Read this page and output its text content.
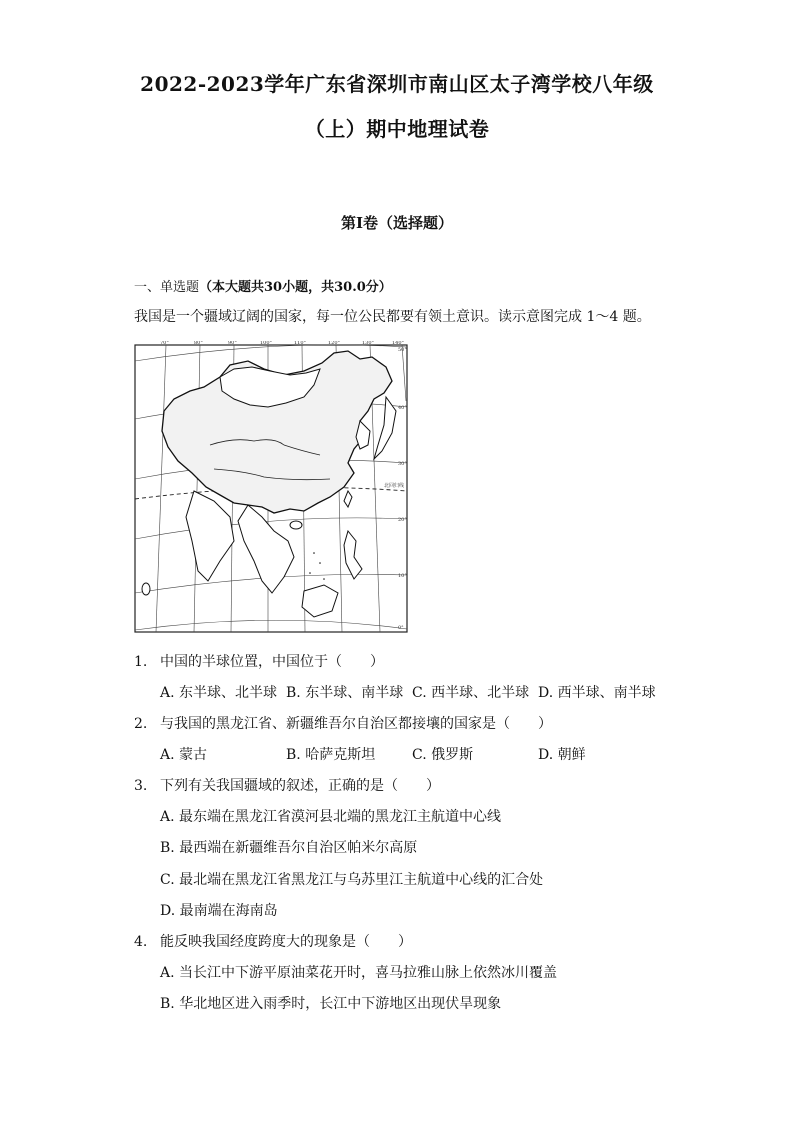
2022-2023学年广东省深圳市南山区太子湾学校八年级
（上）期中地理试卷
第I卷（选择题）
一、单选题（本大题共30小题，共30.0分）
我国是一个疆域辽阔的国家，每一位公民都要有领土意识。读示意图完成 1～4 题。
70°	80°	90°	100°	110°	120°	130°	140°
50°
40°
30°
20°
10°
0°
北回归线
1. 中国的半球位置，中国位于（　　）
A. 东半球、北半球 B. 东半球、南半球 C. 西半球、北半球 D. 西半球、南半球
2. 与我国的黑龙江省、新疆维吾尔自治区都接壤的国家是（　　）
A. 蒙古	B. 哈萨克斯坦	C. 俄罗斯	D. 朝鲜
3. 下列有关我国疆域的叙述，正确的是（　　）
A. 最东端在黑龙江省漠河县北端的黑龙江主航道中心线
B. 最西端在新疆维吾尔自治区帕米尔高原
C. 最北端在黑龙江省黑龙江与乌苏里江主航道中心线的汇合处
D. 最南端在海南岛
4. 能反映我国经度跨度大的现象是（　　）
A. 当长江中下游平原油菜花开时，喜马拉雅山脉上依然冰川覆盖
B. 华北地区进入雨季时，长江中下游地区出现伏旱现象
